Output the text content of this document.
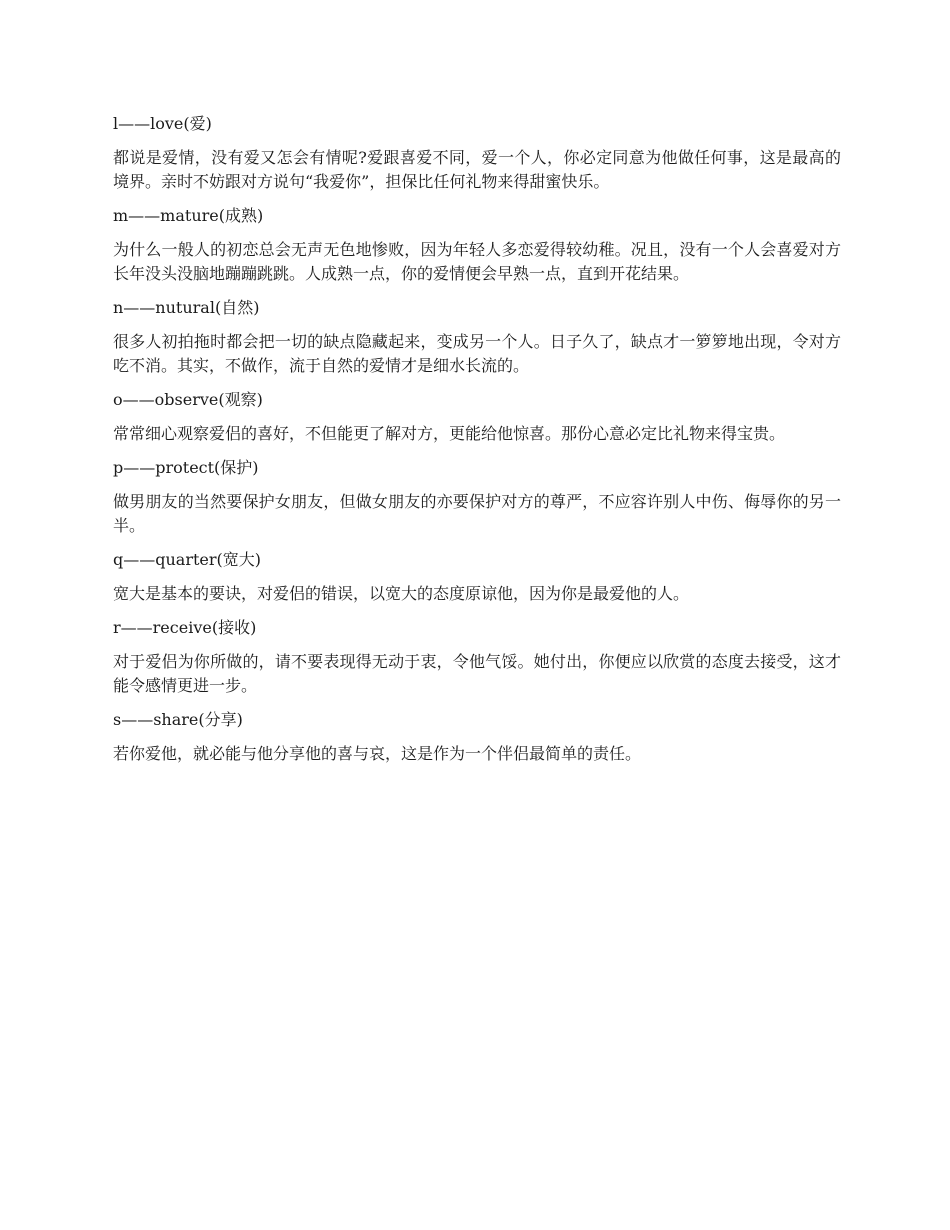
l——love(爱)

都说是爱情，没有爱又怎会有情呢?爱跟喜爱不同，爱一个人，你必定同意为他做任何事，这是最高的境界。亲时不妨跟对方说句“我爱你”，担保比任何礼物来得甜蜜快乐。

m——mature(成熟)

为什么一般人的初恋总会无声无色地惨败，因为年轻人多恋爱得较幼稚。况且，没有一个人会喜爱对方长年没头没脑地蹦蹦跳跳。人成熟一点，你的爱情便会早熟一点，直到开花结果。

n——nutural(自然)

很多人初拍拖时都会把一切的缺点隐藏起来，变成另一个人。日子久了，缺点才一箩箩地出现，令对方吃不消。其实，不做作，流于自然的爱情才是细水长流的。

o——observe(观察)

常常细心观察爱侣的喜好，不但能更了解对方，更能给他惊喜。那份心意必定比礼物来得宝贵。

p——protect(保护)

做男朋友的当然要保护女朋友，但做女朋友的亦要保护对方的尊严，不应容许别人中伤、侮辱你的另一半。

q——quarter(宽大)

宽大是基本的要诀，对爱侣的错误，以宽大的态度原谅他，因为你是最爱他的人。

r——receive(接收)

对于爱侣为你所做的，请不要表现得无动于衷，令他气馁。她付出，你便应以欣赏的态度去接受，这才能令感情更进一步。

s——share(分享)

若你爱他，就必能与他分享他的喜与哀，这是作为一个伴侣最简单的责任。
